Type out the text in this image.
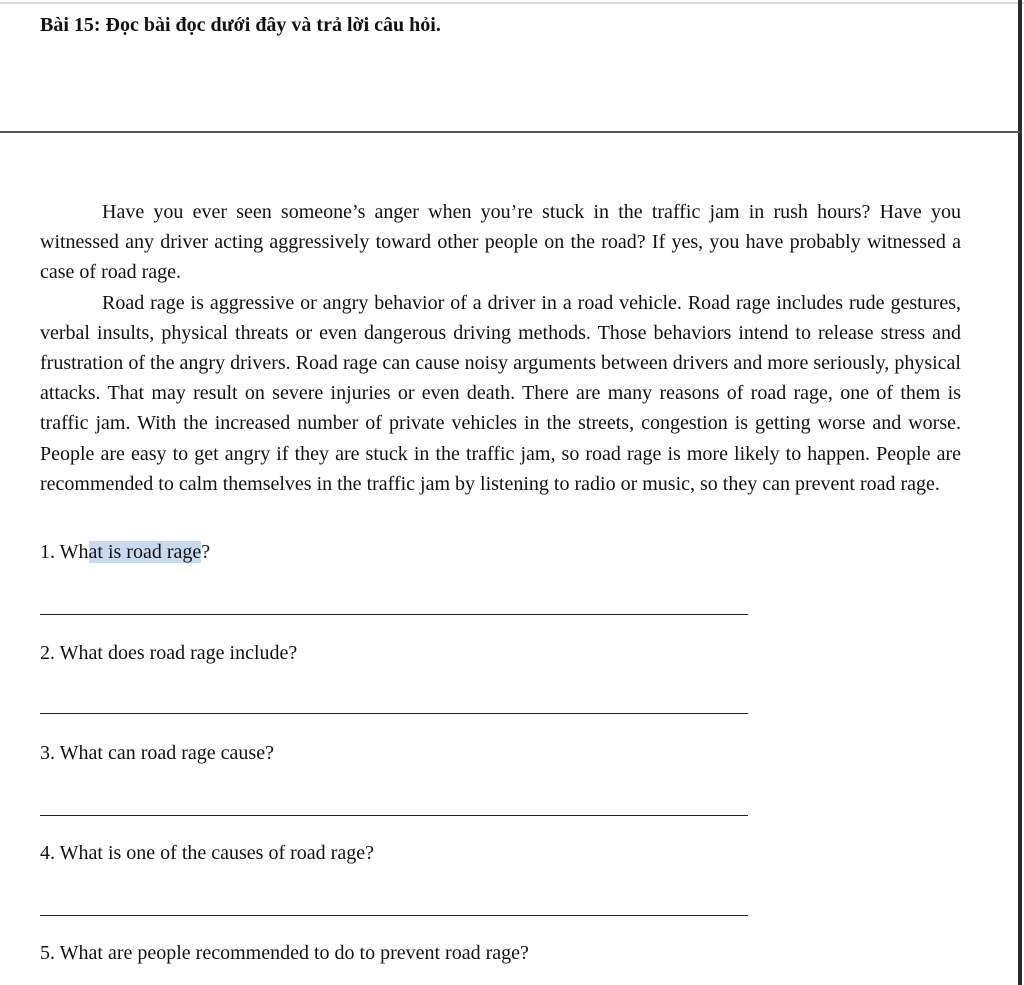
Bài 15: Đọc bài đọc dưới đây và trả lời câu hỏi.

Have you ever seen someone’s anger when you’re stuck in the traffic jam in rush hours? Have you witnessed any driver acting aggressively toward other people on the road? If yes, you have probably witnessed a case of road rage.

Road rage is aggressive or angry behavior of a driver in a road vehicle. Road rage includes rude gestures, verbal insults, physical threats or even dangerous driving methods. Those behaviors intend to release stress and frustration of the angry drivers. Road rage can cause noisy arguments between drivers and more seriously, physical attacks. That may result on severe injuries or even death. There are many reasons of road rage, one of them is traffic jam. With the increased number of private vehicles in the streets, congestion is getting worse and worse. People are easy to get angry if they are stuck in the traffic jam, so road rage is more likely to happen. People are recommended to calm themselves in the traffic jam by listening to radio or music, so they can prevent road rage.

1. What is road rage?
2. What does road rage include?
3. What can road rage cause?
4. What is one of the causes of road rage?
5. What are people recommended to do to prevent road rage?
